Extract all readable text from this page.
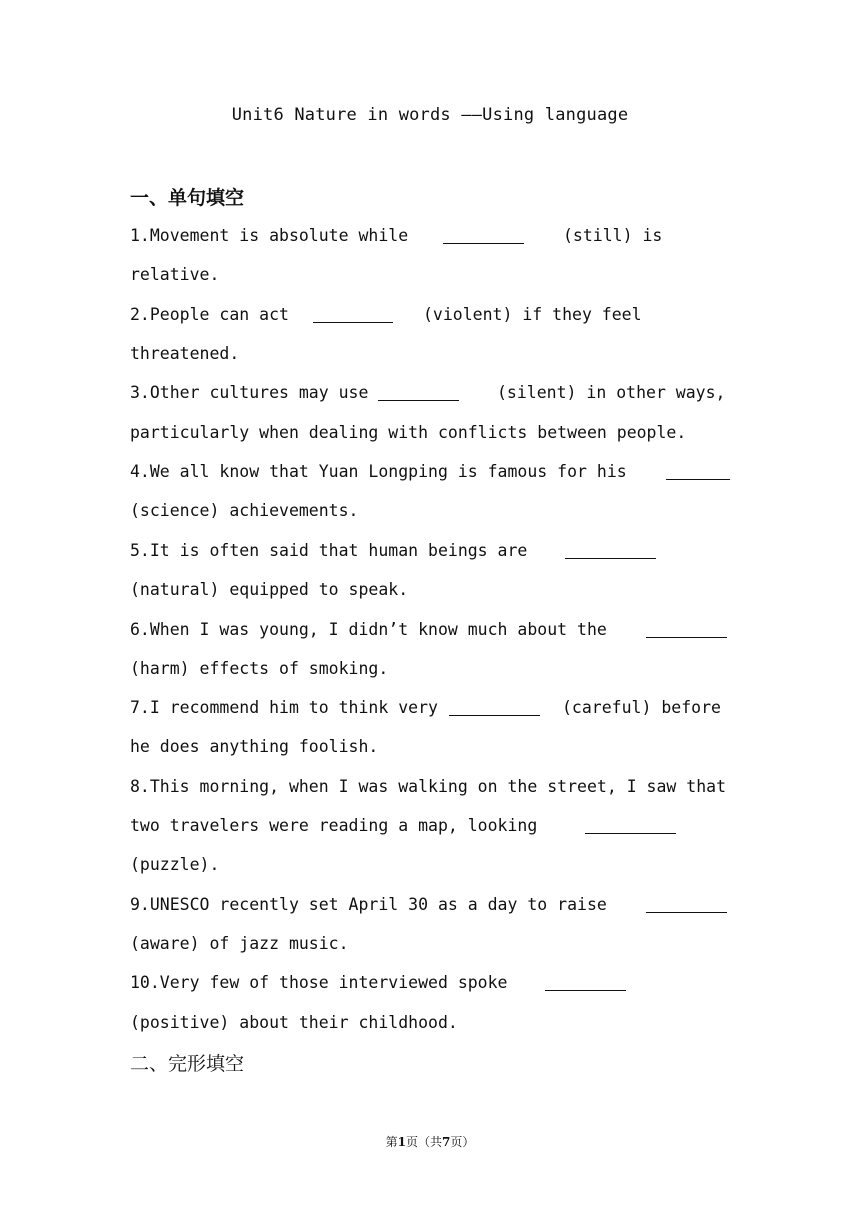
Unit6 Nature in words ——Using language
一、单句填空
1.Movement is absolute while	(still) is
relative.
2.People can act	(violent) if they feel
threatened.
3.Other cultures may use	(silent) in other ways,
particularly when dealing with conflicts between people.
4.We all know that Yuan Longping is famous for his
(science) achievements.
5.It is often said that human beings are
(natural) equipped to speak.
6.When I was young, I didn’t know much about the
(harm) effects of smoking.
7.I recommend him to think very	(careful) before
he does anything foolish.
8.This morning, when I was walking on the street, I saw that
two travelers were reading a map, looking
(puzzle).
9.UNESCO recently set April 30 as a day to raise
(aware) of jazz music.
10.Very few of those interviewed spoke
(positive) about their childhood.
二、完形填空
第1页（共7页）
